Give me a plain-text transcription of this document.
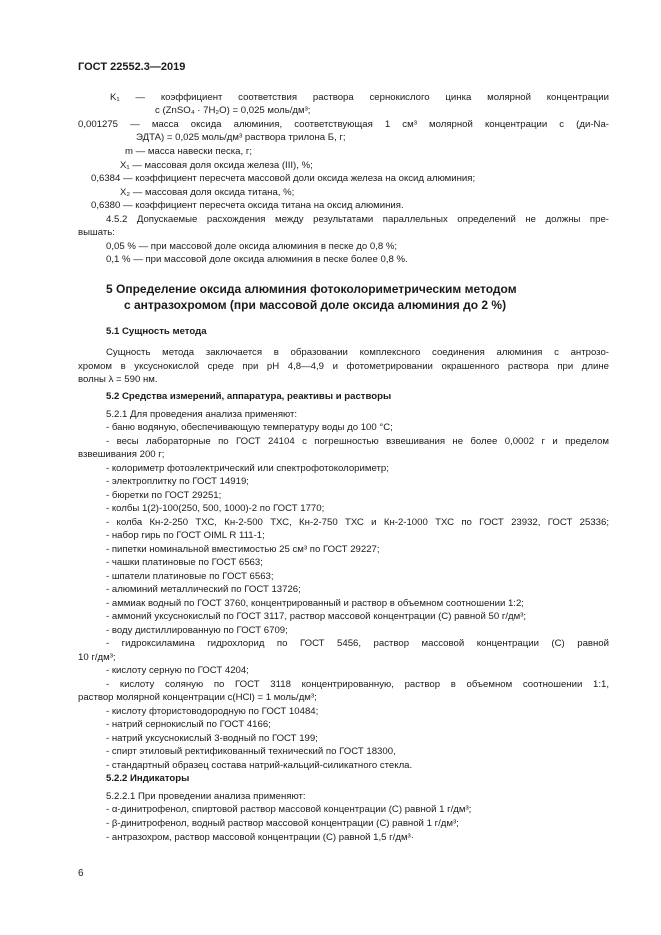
ГОСТ 22552.3—2019
K₁ — коэффициент соответствия раствора сернокислого цинка молярной концентрации
c (ZnSO₄ · 7H₂O) = 0,025 моль/дм³;
0,001275 — масса оксида алюминия, соответствующая 1 см³ молярной концентрации c (ди-Na-
ЭДТА) = 0,025 моль/дм³ раствора трилона Б, г;
m — масса навески песка, г;
X₁ — массовая доля оксида железа (III), %;
0,6384 — коэффициент пересчета массовой доли оксида железа на оксид алюминия;
X₂ — массовая доля оксида титана, %;
0,6380 — коэффициент пересчета оксида титана на оксид алюминия.
4.5.2 Допускаемые расхождения между результатами параллельных определений не должны пре-
вышать:
0,05 % — при массовой доле оксида алюминия в песке до 0,8 %;
0,1 % — при массовой доле оксида алюминия в песке более 0,8 %.
5 Определение оксида алюминия фотоколориметрическим методом
с антразохромом (при массовой доле оксида алюминия до 2 %)
5.1 Сущность метода
Сущность метода заключается в образовании комплексного соединения алюминия с антрозо-
хромом в уксуснокислой среде при рН 4,8—4,9 и фотометрировании окрашенного раствора при длине
волны λ = 590 нм.
5.2 Средства измерений, аппаратура, реактивы и растворы
5.2.1 Для проведения анализа применяют:
- баню водяную, обеспечивающую температуру воды до 100 °С;
- весы лабораторные по ГОСТ 24104 с погрешностью взвешивания не более 0,0002 г и пределом
взвешивания 200 г;
- колориметр фотоэлектрический или спектрофотоколориметр;
- электроплитку по ГОСТ 14919;
- бюретки по ГОСТ 29251;
- колбы 1(2)-100(250, 500, 1000)-2 по ГОСТ 1770;
- колба Кн-2-250 ТХС, Кн-2-500 ТХС, Кн-2-750 ТХС и Кн-2-1000 ТХС по ГОСТ 23932, ГОСТ 25336;
- набор гирь по ГОСТ OIML R 111-1;
- пипетки номинальной вместимостью 25 см³ по ГОСТ 29227;
- чашки платиновые по ГОСТ 6563;
- шпатели платиновые по ГОСТ 6563;
- алюминий металлический по ГОСТ 13726;
- аммиак водный по ГОСТ 3760, концентрированный и раствор в объемном соотношении 1:2;
- аммоний уксуснокислый по ГОСТ 3117, раствор массовой концентрации (С) равной 50 г/дм³;
- воду дистиллированную по ГОСТ 6709;
- гидроксиламина гидрохлорид по ГОСТ 5456, раствор массовой концентрации (С) равной
10 г/дм³;
- кислоту серную по ГОСТ 4204;
- кислоту соляную по ГОСТ 3118 концентрированную, раствор в объемном соотношении 1:1,
раствор молярной концентрации c(HCl) = 1 моль/дм³;
- кислоту фтористоводородную по ГОСТ 10484;
- натрий сернокислый по ГОСТ 4166;
- натрий уксуснокислый 3-водный по ГОСТ 199;
- спирт этиловый ректификованный технический по ГОСТ 18300,
- стандартный образец состава натрий-кальций-силикатного стекла.
5.2.2 Индикаторы
5.2.2.1 При проведении анализа применяют:
- α-динитрофенол, спиртовой раствор массовой концентрации (С) равной 1 г/дм³;
- β-динитрофенол, водный раствор массовой концентрации (С) равной 1 г/дм³;
- антразохром, раствор массовой концентрации (С) равной 1,5 г/дм³·
6
